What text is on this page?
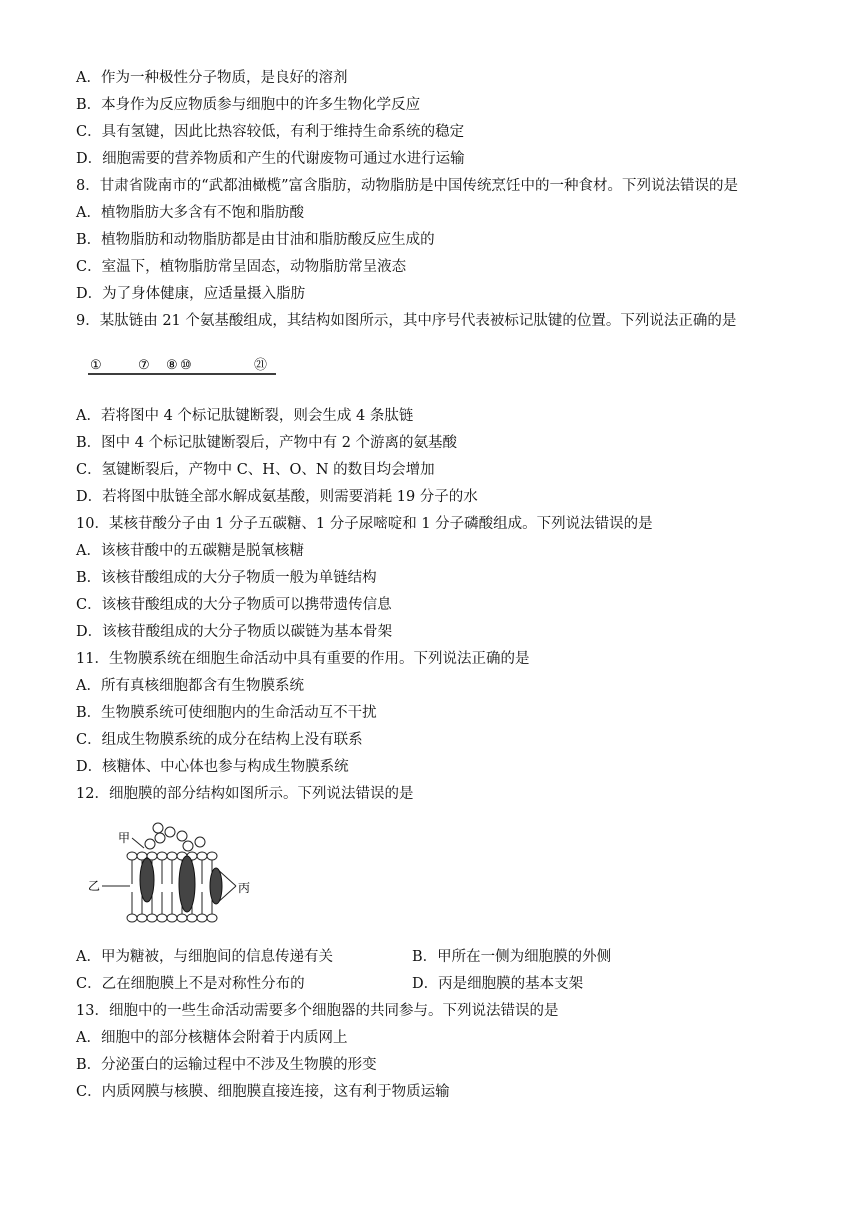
A．作为一种极性分子物质，是良好的溶剂
B．本身作为反应物质参与细胞中的许多生物化学反应
C．具有氢键，因此比热容较低，有利于维持生命系统的稳定
D．细胞需要的营养物质和产生的代谢废物可通过水进行运输
8．甘肃省陇南市的“武都油橄榄”富含脂肪，动物脂肪是中国传统烹饪中的一种食材。下列说法错误的是
A．植物脂肪大多含有不饱和脂肪酸
B．植物脂肪和动物脂肪都是由甘油和脂肪酸反应生成的
C．室温下，植物脂肪常呈固态，动物脂肪常呈液态
D．为了身体健康，应适量摄入脂肪
9．某肽链由 21 个氨基酸组成，其结构如图所示，其中序号代表被标记肽键的位置。下列说法正确的是
①	⑦ ⑧ ⑩	㉑
A．若将图中 4 个标记肽键断裂，则会生成 4 条肽链
B．图中 4 个标记肽键断裂后，产物中有 2 个游离的氨基酸
C．氢键断裂后，产物中 C、H、O、N 的数目均会增加
D．若将图中肽链全部水解成氨基酸，则需要消耗 19 分子的水
10．某核苷酸分子由 1 分子五碳糖、1 分子尿嘧啶和 1 分子磷酸组成。下列说法错误的是
A．该核苷酸中的五碳糖是脱氧核糖
B．该核苷酸组成的大分子物质一般为单链结构
C．该核苷酸组成的大分子物质可以携带遗传信息
D．该核苷酸组成的大分子物质以碳链为基本骨架
11．生物膜系统在细胞生命活动中具有重要的作用。下列说法正确的是
A．所有真核细胞都含有生物膜系统
B．生物膜系统可使细胞内的生命活动互不干扰
C．组成生物膜系统的成分在结构上没有联系
D．核糖体、中心体也参与构成生物膜系统
12．细胞膜的部分结构如图所示。下列说法错误的是
甲
乙	丙
A．甲为糖被，与细胞间的信息传递有关	B．甲所在一侧为细胞膜的外侧
C．乙在细胞膜上不是对称性分布的	D．丙是细胞膜的基本支架
13．细胞中的一些生命活动需要多个细胞器的共同参与。下列说法错误的是
A．细胞中的部分核糖体会附着于内质网上
B．分泌蛋白的运输过程中不涉及生物膜的形变
C．内质网膜与核膜、细胞膜直接连接，这有利于物质运输
